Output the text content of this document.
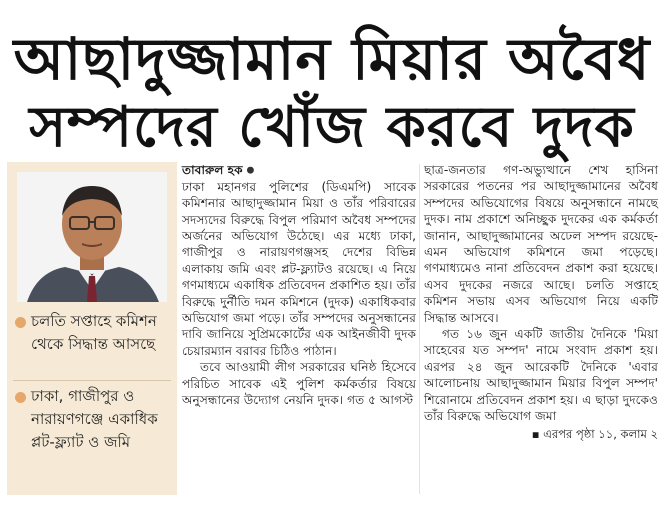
আছাদুজ্জামান মিয়ার অবৈধ
সম্পদের খোঁজ করবে দুদক
চলতি সপ্তাহে কমিশন থেকে সিদ্ধান্ত আসছে
ঢাকা, গাজীপুর ও নারায়ণগঞ্জে একাধিক প্লট-ফ্ল্যাট ও জমি

তাবারুল হক ●

ঢাকা মহানগর পুলিশের (ডিএমপি) সাবেক কমিশনার আছাদুজ্জামান মিয়া ও তাঁর পরিবারের সদস্যদের বিরুদ্ধে বিপুল পরিমাণ অবৈধ সম্পদের অর্জনের অভিযোগ উঠেছে। এর মধ্যে ঢাকা, গাজীপুর ও নারায়ণগঞ্জসহ দেশের বিভিন্ন এলাকায় জমি এবং প্লট-ফ্ল্যাটও রয়েছে। এ নিয়ে গণমাধ্যমে একাধিক প্রতিবেদন প্রকাশিত হয়। তাঁর বিরুদ্ধে দুর্নীতি দমন কমিশনে (দুদক) একাধিকবার অভিযোগ জমা পড়ে। তাঁর সম্পদের অনুসন্ধানের দাবি জানিয়ে সুপ্রিমকোর্টের এক আইনজীবী দুদক চেয়ারম্যান বরাবর চিঠিও পাঠান।

তবে আওয়ামী লীগ সরকারের ঘনিষ্ঠ হিসেবে পরিচিত সাবেক এই পুলিশ কর্মকর্তার বিষয়ে অনুসন্ধানের উদ্যোগ নেয়নি দুদক। গত ৫ আগস্ট

ছাত্র-জনতার গণ-অভ্যুত্থানে শেখ হাসিনা সরকারের পতনের পর আছাদুজ্জামানের অবৈধ সম্পদের অভিযোগের বিষয়ে অনুসন্ধানে নামছে দুদক। নাম প্রকাশে অনিচ্ছুক দুদকের এক কর্মকর্তা জানান, আছাদুজ্জামানের অঢেল সম্পদ রয়েছে- এমন অভিযোগ কমিশনে জমা পড়েছে। গণমাধ্যমেও নানা প্রতিবেদন প্রকাশ করা হয়েছে। এসব দুদকের নজরে আছে। চলতি সপ্তাহে কমিশন সভায় এসব অভিযোগ নিয়ে একটি সিদ্ধান্ত আসবে।

গত ১৬ জুন একটি জাতীয় দৈনিকে 'মিয়া সাহেবের যত সম্পদ' নামে সংবাদ প্রকাশ হয়। এরপর ২৪ জুন আরেকটি দৈনিকে 'এবার আলোচনায় আছাদুজ্জামান মিয়ার বিপুল সম্পদ' শিরোনামে প্রতিবেদন প্রকাশ হয়। এ ছাড়া দুদকেও তাঁর বিরুদ্ধে অভিযোগ জমা

▪ এরপর পৃষ্ঠা ১১, কলাম ২
